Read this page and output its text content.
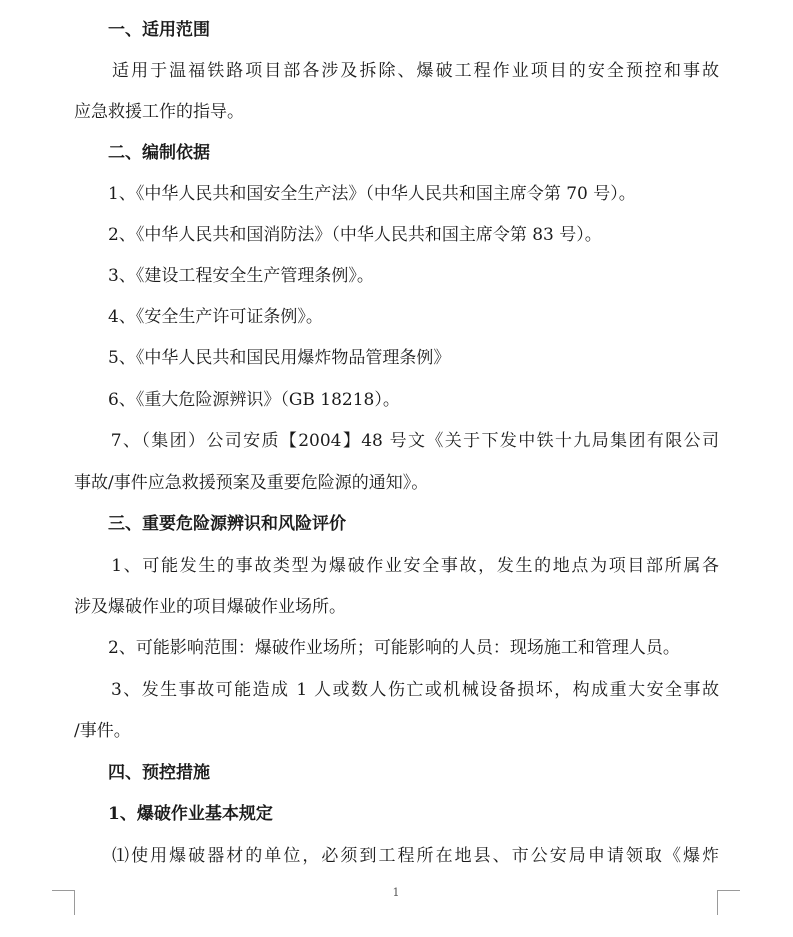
　　一、适用范围
　　适用于温福铁路项目部各涉及拆除、爆破工程作业项目的安全预控和事故
应急救援工作的指导。
　　二、编制依据
　　1、《中华人民共和国安全生产法》（中华人民共和国主席令第 70 号）。
　　2、《中华人民共和国消防法》（中华人民共和国主席令第 83 号）。
　　3、《建设工程安全生产管理条例》。
　　4、《安全生产许可证条例》。
　　5、《中华人民共和国民用爆炸物品管理条例》
　　6、《重大危险源辨识》（GB 18218）。
　　7、（集团）公司安质【2004】48 号文《关于下发中铁十九局集团有限公司
事故/事件应急救援预案及重要危险源的通知》。
　　三、重要危险源辨识和风险评价
　　1、可能发生的事故类型为爆破作业安全事故，发生的地点为项目部所属各
涉及爆破作业的项目爆破作业场所。
　　2、可能影响范围：爆破作业场所；可能影响的人员：现场施工和管理人员。
　　3、发生事故可能造成 1 人或数人伤亡或机械设备损坏，构成重大安全事故
/事件。
　　四、预控措施
　　1、爆破作业基本规定
　　⑴使用爆破器材的单位，必须到工程所在地县、市公安局申请领取《爆炸
1
